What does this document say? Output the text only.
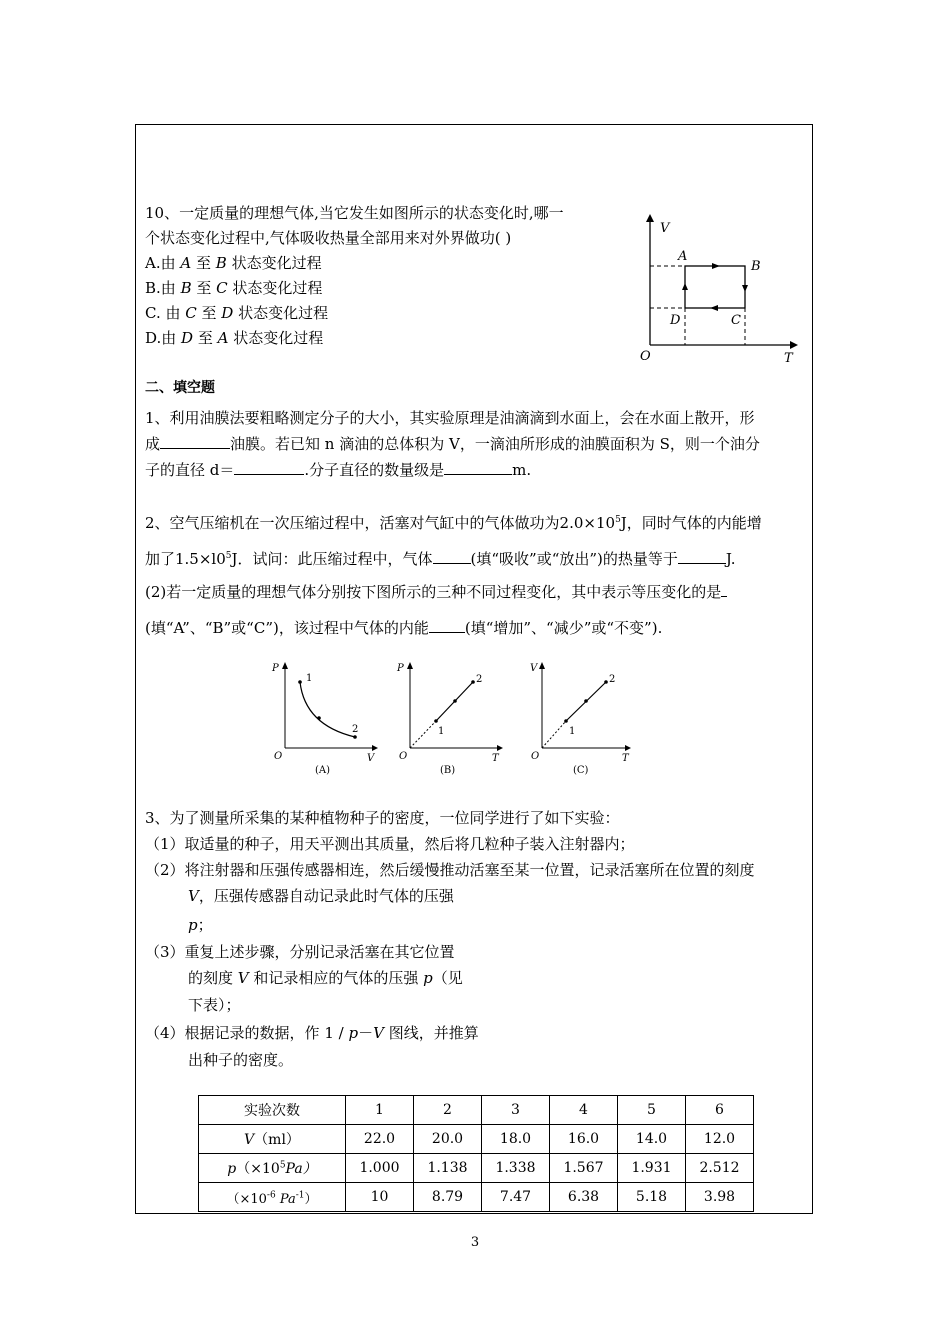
10、一定质量的理想气体,当它发生如图所示的状态变化时,哪一
个状态变化过程中,气体吸收热量全部用来对外界做功( )
A.由 A 至 B 状态变化过程
B.由 B 至 C 状态变化过程
C. 由 C 至 D 状态变化过程
D.由 D 至 A 状态变化过程
V
T
O
A
B
C
D
二、填空题
1、利用油膜法要粗略测定分子的大小，其实验原理是油滴滴到水面上，会在水面上散开，形
成	油膜。若已知 n 滴油的总体积为 V，一滴油所形成的油膜面积为 S，则一个油分
子的直径 d＝	.分子直径的数量级是	m.
2、空气压缩机在一次压缩过程中，活塞对气缸中的气体做功为$2.0\times 10^5J$，同时气体的内能增
加了$1.5\times l0^5J$．试问：此压缩过程中，气体	(填“吸收”或“放出”)的热量等于	J.
(2)若一定质量的理想气体分别按下图所示的三种不同过程变化，其中表示等压变化的是
(填“A”、“B”或“C”)，该过程中气体的内能 (填“增加”、“减少”或“不变”).
P
O	V
1
2
(A)
P
O	T
1
2
(B)
V
O	T
1
2
(C)
3、为了测量所采集的某种植物种子的密度，一位同学进行了如下实验：
（1）取适量的种子，用天平测出其质量，然后将几粒种子装入注射器内；
（2）将注射器和压强传感器相连，然后缓慢推动活塞至某一位置，记录活塞所在位置的刻度
V，压强传感器自动记录此时气体的压强
p；
（3）重复上述步骤，分别记录活塞在其它位置
的刻度 V 和记录相应的气体的压强 p（见
下表）；
（4）根据记录的数据，作 1 / p－V 图线，并推算
出种子的密度。
实验次数	1	2	3	4	5	6
V（ml）	22.0	20.0	18.0	16.0	14.0	12.0
$p(\times 10^5Pa)$	1.000	1.138	1.338	1.567	1.931	2.512
（$\times 10^{-6}$ $Pa^{-1}$）	10	8.79	7.47	6.38	5.18	3.98
3
